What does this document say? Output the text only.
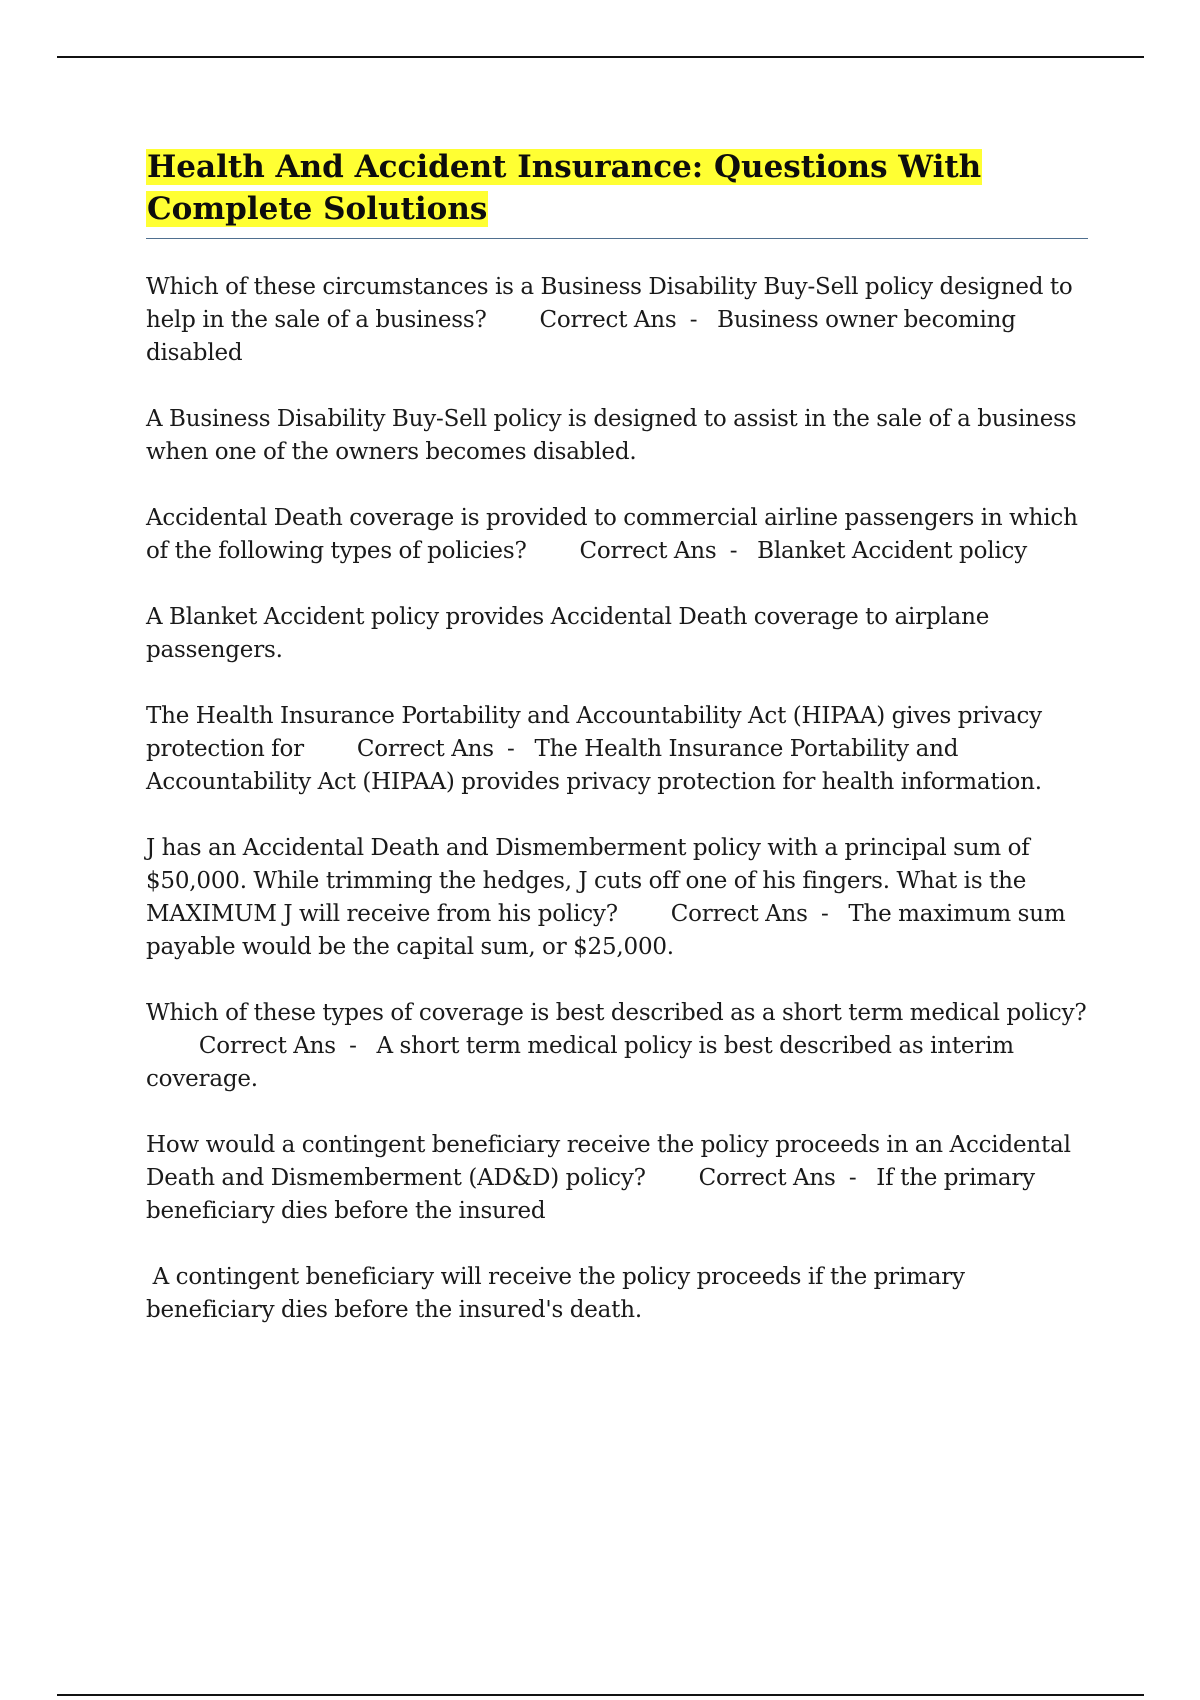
Health And Accident Insurance: Questions With Complete Solutions

Which of these circumstances is a Business Disability Buy-Sell policy designed to help in the sale of a business?        Correct Ans  -   Business owner becoming disabled

A Business Disability Buy-Sell policy is designed to assist in the sale of a business when one of the owners becomes disabled.

Accidental Death coverage is provided to commercial airline passengers in which of the following types of policies?        Correct Ans  -   Blanket Accident policy

A Blanket Accident policy provides Accidental Death coverage to airplane passengers.

The Health Insurance Portability and Accountability Act (HIPAA) gives privacy protection for        Correct Ans  -   The Health Insurance Portability and Accountability Act (HIPAA) provides privacy protection for health information.

J has an Accidental Death and Dismemberment policy with a principal sum of $50,000. While trimming the hedges, J cuts off one of his fingers. What is the MAXIMUM J will receive from his policy?        Correct Ans  -   The maximum sum payable would be the capital sum, or $25,000.

Which of these types of coverage is best described as a short term medical policy?        Correct Ans  -   A short term medical policy is best described as interim coverage.

How would a contingent beneficiary receive the policy proceeds in an Accidental Death and Dismemberment (AD&D) policy?        Correct Ans  -   If the primary beneficiary dies before the insured

A contingent beneficiary will receive the policy proceeds if the primary beneficiary dies before the insured's death.
